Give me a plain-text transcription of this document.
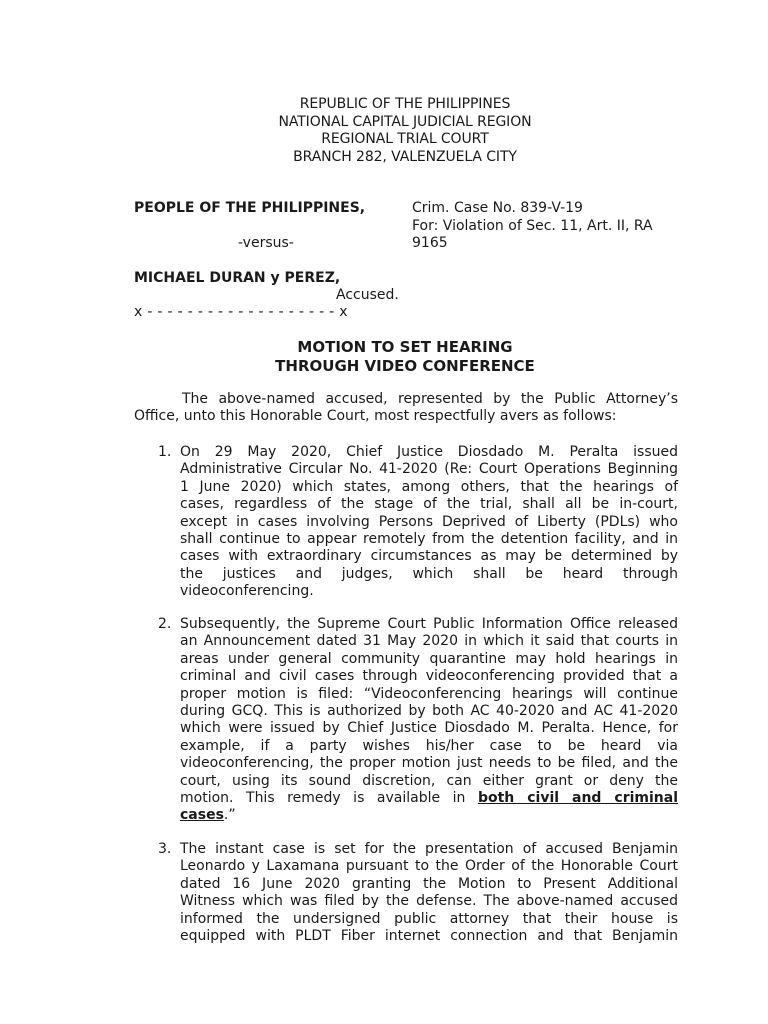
REPUBLIC OF THE PHILIPPINES
NATIONAL CAPITAL JUDICIAL REGION
REGIONAL TRIAL COURT
BRANCH 282, VALENZUELA CITY
PEOPLE OF THE PHILIPPINES,
-versus-
MICHAEL DURAN y PEREZ,
Accused.
x - - - - - - - - - - - - - - - - - - - x
Crim. Case No. 839-V-19
For: Violation of Sec. 11, Art. II, RA
9165
MOTION TO SET HEARING
THROUGH VIDEO CONFERENCE
The above-named accused, represented by the Public Attorney’s Office, unto this Honorable Court, most respectfully avers as follows:
1. On 29 May 2020, Chief Justice Diosdado M. Peralta issued
Administrative Circular No. 41-2020 (Re: Court Operations Beginning
1 June 2020) which states, among others, that the hearings of
cases, regardless of the stage of the trial, shall all be in-court,
except in cases involving Persons Deprived of Liberty (PDLs) who
shall continue to appear remotely from the detention facility, and in
cases with extraordinary circumstances as may be determined by
the justices and judges, which shall be heard through
videoconferencing.
2. Subsequently, the Supreme Court Public Information Office released
an Announcement dated 31 May 2020 in which it said that courts in
areas under general community quarantine may hold hearings in
criminal and civil cases through videoconferencing provided that a
proper motion is filed: “Videoconferencing hearings will continue
during GCQ. This is authorized by both AC 40-2020 and AC 41-2020
which were issued by Chief Justice Diosdado M. Peralta. Hence, for
example, if a party wishes his/her case to be heard via
videoconferencing, the proper motion just needs to be filed, and the
court, using its sound discretion, can either grant or deny the
motion. This remedy is available in both civil and criminal
cases.”
3. The instant case is set for the presentation of accused Benjamin
Leonardo y Laxamana pursuant to the Order of the Honorable Court
dated 16 June 2020 granting the Motion to Present Additional
Witness which was filed by the defense. The above-named accused
informed the undersigned public attorney that their house is
equipped with PLDT Fiber internet connection and that Benjamin
